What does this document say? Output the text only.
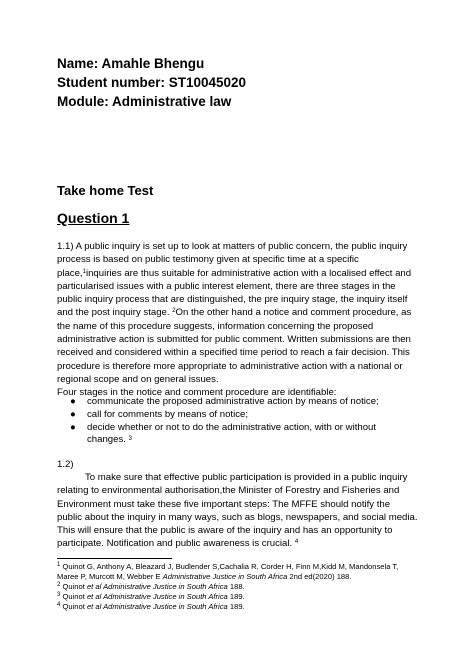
Name: Amahle Bhengu
Student number: ST10045020
Module: Administrative law
Take home Test
Question 1
1.1) A public inquiry is set up to look at matters of public concern, the public inquiry
process is based on public testimony given at specific time at a specific
place,$^1$inquiries are thus suitable for administrative action with a localised effect and
particularised issues with a public interest element, there are three stages in the
public inquiry process that are distinguished, the pre inquiry stage, the inquiry itself
and the post inquiry stage. $^2$On the other hand a notice and comment procedure, as
the name of this procedure suggests, information concerning the proposed
administrative action is submitted for public comment. Written submissions are then
received and considered within a specified time period to reach a fair decision. This
procedure is therefore more appropriate to administrative action with a national or
regional scope and on general issues.
Four stages in the notice and comment procedure are identifiable:
● communicate the proposed administrative action by means of notice;
● call for comments by means of notice;
● decide whether or not to do the administrative action, with or without
changes. $^3$
1.2)
To make sure that effective public participation is provided in a public inquiry
relating to environmental authorisation,the Minister of Forestry and Fisheries and
Environment must take these five important steps: The MFFE should notify the
public about the inquiry in many ways, such as blogs, newspapers, and social media.
This will ensure that the public is aware of the inquiry and has an opportunity to
participate. Notification and public awareness is crucial. $^4$
$^1$ Quinot G, Anthony A, Bleazard J, Budlender S,Cachalia R, Corder H, Finn M,Kidd M, Mandonsela T,
Maree P, Murcott M, Webber E Administrative Justice in South Africa 2nd ed(2020) 188.
$^2$ Quinot et al Administrative Justice in South Africa 188.
$^3$ Quinot et al Administrative Justice in South Africa 189.
$^4$ Quinot et al Administrative Justice in South Africa 189.
